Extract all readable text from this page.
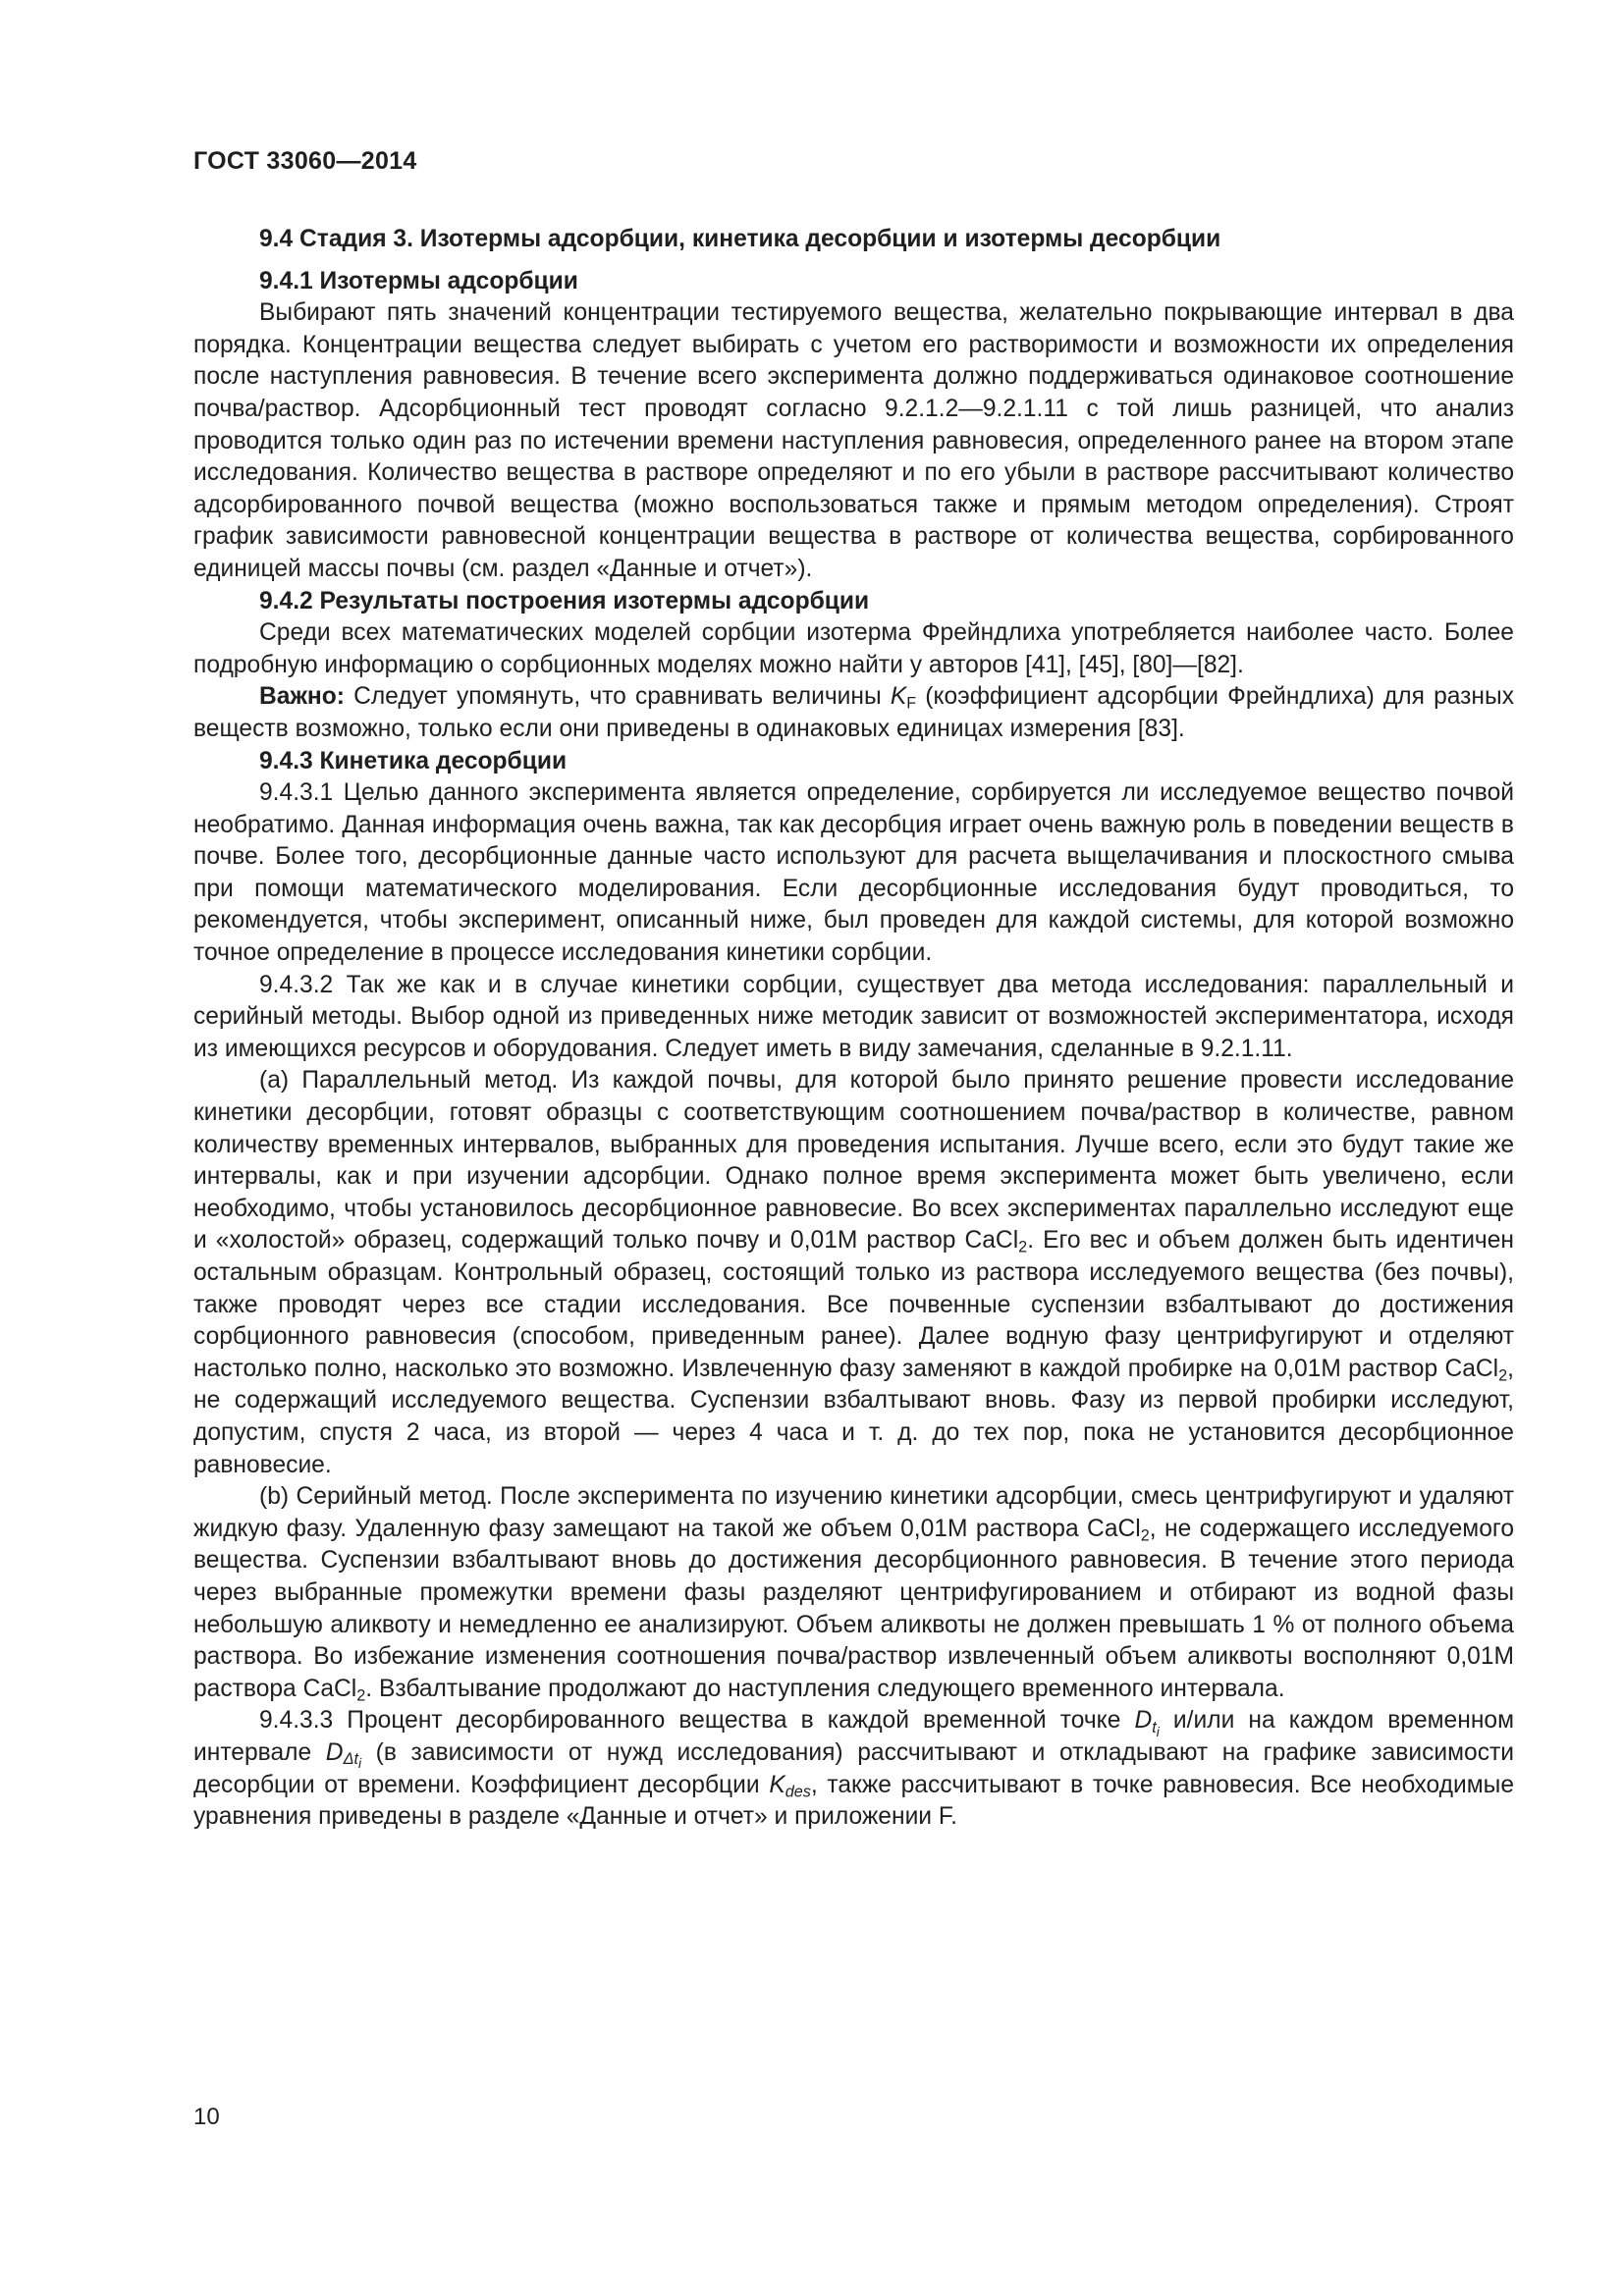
ГОСТ 33060—2014

9.4 Стадия 3. Изотермы адсорбции, кинетика десорбции и изотермы десорбции

9.4.1 Изотермы адсорбции

Выбирают пять значений концентрации тестируемого вещества, желательно покрывающие интервал в два порядка. Концентрации вещества следует выбирать с учетом его растворимости и возможности их определения после наступления равновесия. В течение всего эксперимента должно поддерживаться одинаковое соотношение почва/раствор. Адсорбционный тест проводят согласно 9.2.1.2—9.2.1.11 с той лишь разницей, что анализ проводится только один раз по истечении времени наступления равновесия, определенного ранее на втором этапе исследования. Количество вещества в растворе определяют и по его убыли в растворе рассчитывают количество адсорбированного почвой вещества (можно воспользоваться также и прямым методом определения). Строят график зависимости равновесной концентрации вещества в растворе от количества вещества, сорбированного единицей массы почвы (см. раздел «Данные и отчет»).

9.4.2 Результаты построения изотермы адсорбции

Среди всех математических моделей сорбции изотерма Фрейндлиха употребляется наиболее часто. Более подробную информацию о сорбционных моделях можно найти у авторов [41], [45], [80]—[82].

Важно: Следует упомянуть, что сравнивать величины $K_F$ (коэффициент адсорбции Фрейндлиха) для разных веществ возможно, только если они приведены в одинаковых единицах измерения [83].

9.4.3 Кинетика десорбции

9.4.3.1 Целью данного эксперимента является определение, сорбируется ли исследуемое вещество почвой необратимо. Данная информация очень важна, так как десорбция играет очень важную роль в поведении веществ в почве. Более того, десорбционные данные часто используют для расчета выщелачивания и плоскостного смыва при помощи математического моделирования. Если десорбционные исследования будут проводиться, то рекомендуется, чтобы эксперимент, описанный ниже, был проведен для каждой системы, для которой возможно точное определение в процессе исследования кинетики сорбции.

9.4.3.2 Так же как и в случае кинетики сорбции, существует два метода исследования: параллельный и серийный методы. Выбор одной из приведенных ниже методик зависит от возможностей экспериментатора, исходя из имеющихся ресурсов и оборудования. Следует иметь в виду замечания, сделанные в 9.2.1.11.

(a) Параллельный метод. Из каждой почвы, для которой было принято решение провести исследование кинетики десорбции, готовят образцы с соответствующим соотношением почва/раствор в количестве, равном количеству временных интервалов, выбранных для проведения испытания. Лучше всего, если это будут такие же интервалы, как и при изучении адсорбции. Однако полное время эксперимента может быть увеличено, если необходимо, чтобы установилось десорбционное равновесие. Во всех экспериментах параллельно исследуют еще и «холостой» образец, содержащий только почву и 0,01M раствор CaCl$_2$. Его вес и объем должен быть идентичен остальным образцам. Контрольный образец, состоящий только из раствора исследуемого вещества (без почвы), также проводят через все стадии исследования. Все почвенные суспензии взбалтывают до достижения сорбционного равновесия (способом, приведенным ранее). Далее водную фазу центрифугируют и отделяют настолько полно, насколько это возможно. Извлеченную фазу заменяют в каждой пробирке на 0,01M раствор CaCl$_2$, не содержащий исследуемого вещества. Суспензии взбалтывают вновь. Фазу из первой пробирки исследуют, допустим, спустя 2 часа, из второй — через 4 часа и т. д. до тех пор, пока не установится десорбционное равновесие.

(b) Серийный метод. После эксперимента по изучению кинетики адсорбции, смесь центрифугируют и удаляют жидкую фазу. Удаленную фазу замещают на такой же объем 0,01M раствора CaCl$_2$, не содержащего исследуемого вещества. Суспензии взбалтывают вновь до достижения десорбционного равновесия. В течение этого периода через выбранные промежутки времени фазы разделяют центрифугированием и отбирают из водной фазы небольшую аликвоту и немедленно ее анализируют. Объем аликвоты не должен превышать 1 % от полного объема раствора. Во избежание изменения соотношения почва/раствор извлеченный объем аликвоты восполняют 0,01M раствора CaCl$_2$. Взбалтывание продолжают до наступления следующего временного интервала.

9.4.3.3 Процент десорбированного вещества в каждой временной точке $D_{t_i}$ и/или на каждом временном интервале $D_{\Delta t_i}$ (в зависимости от нужд исследования) рассчитывают и откладывают на графике зависимости десорбции от времени. Коэффициент десорбции $K_{des}$, также рассчитывают в точке равновесия. Все необходимые уравнения приведены в разделе «Данные и отчет» и приложении F.

10
